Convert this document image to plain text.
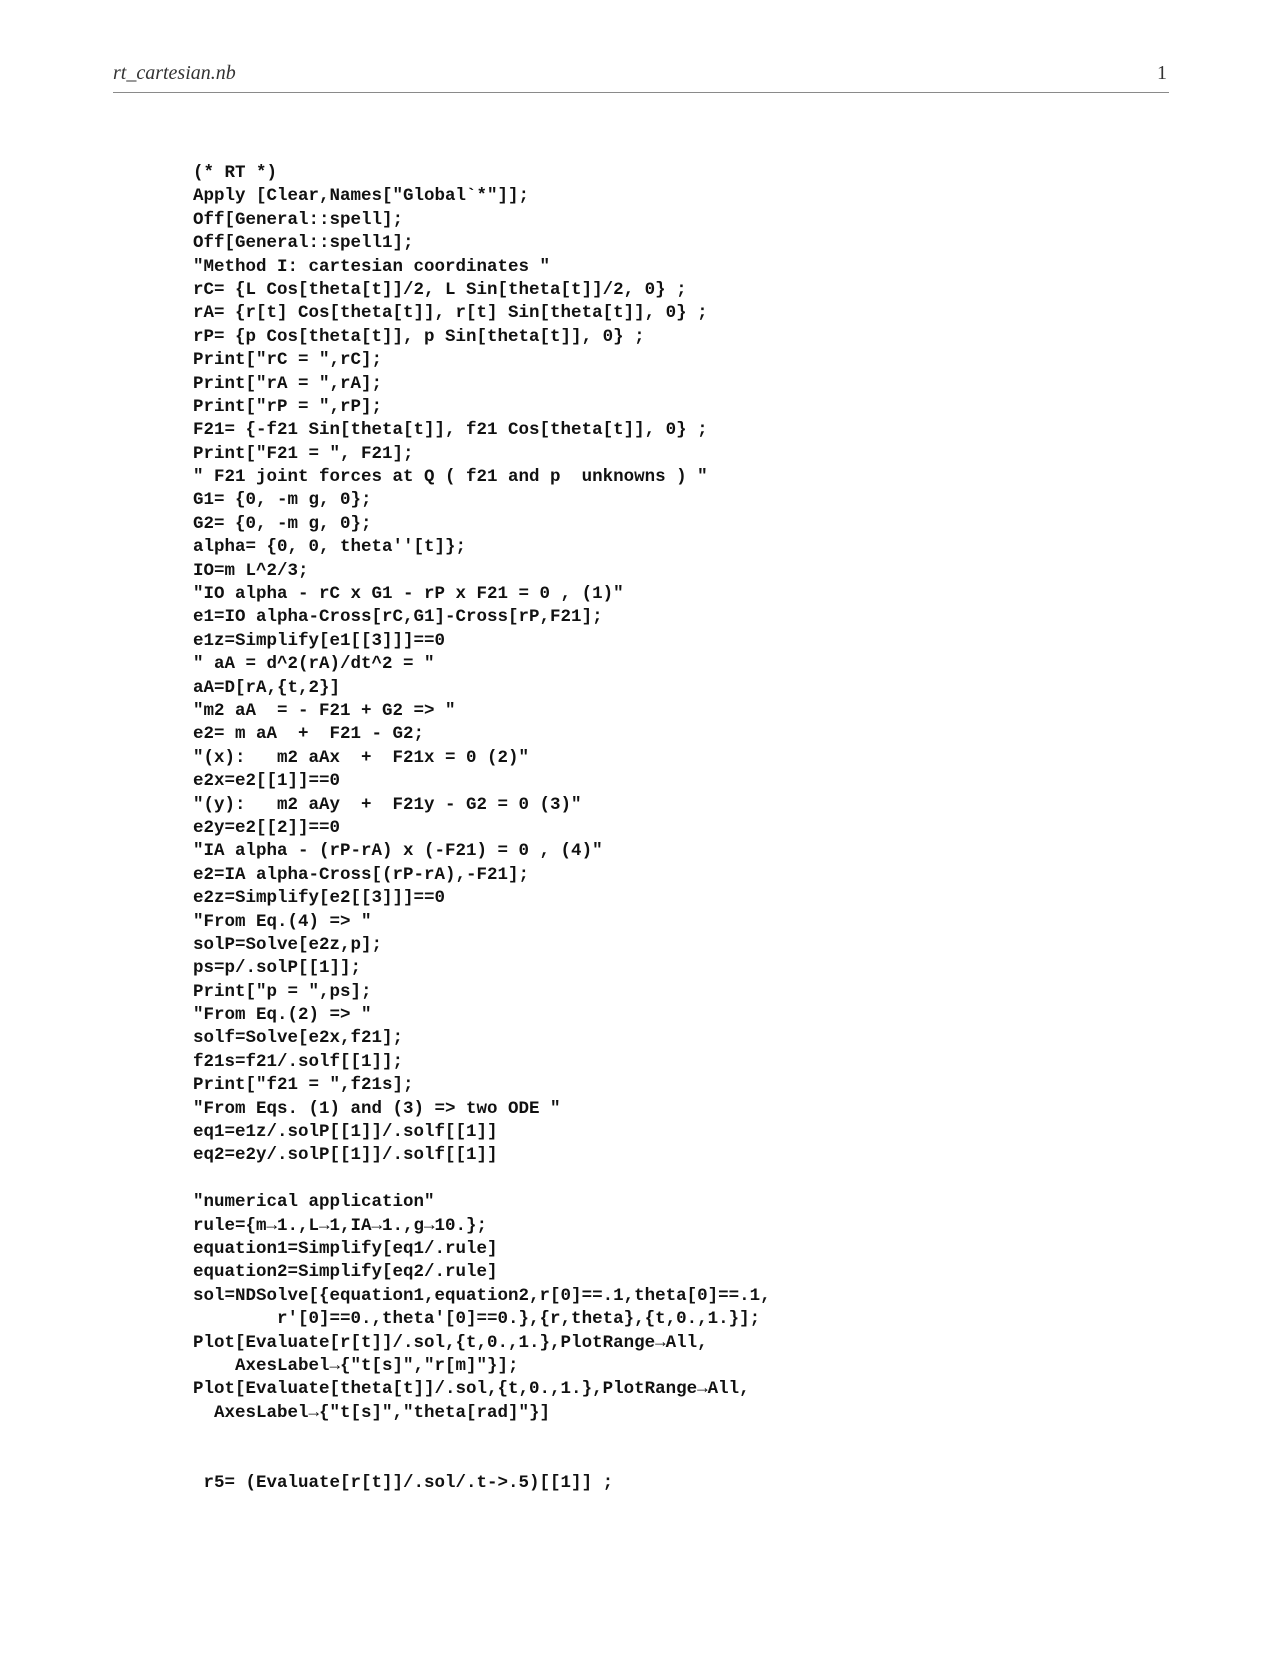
rt_cartesian.nb	1
(* RT *)
Apply [Clear,Names["Global`*"]];
Off[General::spell];
Off[General::spell1];
"Method I: cartesian coordinates "
rC= {L Cos[theta[t]]/2, L Sin[theta[t]]/2, 0} ;
rA= {r[t] Cos[theta[t]], r[t] Sin[theta[t]], 0} ;
rP= {p Cos[theta[t]], p Sin[theta[t]], 0} ;
Print["rC = ",rC];
Print["rA = ",rA];
Print["rP = ",rP];
F21= {-f21 Sin[theta[t]], f21 Cos[theta[t]], 0} ;
Print["F21 = ", F21];
" F21 joint forces at Q ( f21 and p  unknowns ) "
G1= {0, -m g, 0};
G2= {0, -m g, 0};
alpha= {0, 0, theta''[t]};
IO=m L^2/3;
"IO alpha - rC x G1 - rP x F21 = 0 , (1)"
e1=IO alpha-Cross[rC,G1]-Cross[rP,F21];
e1z=Simplify[e1[[3]]]==0
" aA = d^2(rA)/dt^2 = "
aA=D[rA,{t,2}]
"m2 aA  = - F21 + G2 => "
e2= m aA  +  F21 - G2;
"(x):   m2 aAx  +  F21x = 0 (2)"
e2x=e2[[1]]==0
"(y):   m2 aAy  +  F21y - G2 = 0 (3)"
e2y=e2[[2]]==0
"IA alpha - (rP-rA) x (-F21) = 0 , (4)"
e2=IA alpha-Cross[(rP-rA),-F21];
e2z=Simplify[e2[[3]]]==0
"From Eq.(4) => "
solP=Solve[e2z,p];
ps=p/.solP[[1]];
Print["p = ",ps];
"From Eq.(2) => "
solf=Solve[e2x,f21];
f21s=f21/.solf[[1]];
Print["f21 = ",f21s];
"From Eqs. (1) and (3) => two ODE "
eq1=e1z/.solP[[1]]/.solf[[1]]
eq2=e2y/.solP[[1]]/.solf[[1]]
"numerical application"
rule={m→1.,L→1,IA→1.,g→10.};
equation1=Simplify[eq1/.rule]
equation2=Simplify[eq2/.rule]
sol=NDSolve[{equation1,equation2,r[0]==.1,theta[0]==.1,
r'[0]==0.,theta'[0]==0.},{r,theta},{t,0.,1.}];
Plot[Evaluate[r[t]]/.sol,{t,0.,1.},PlotRange→All,
AxesLabel→{"t[s]","r[m]"}];
Plot[Evaluate[theta[t]]/.sol,{t,0.,1.},PlotRange→All,
AxesLabel→{"t[s]","theta[rad]"}]
r5= (Evaluate[r[t]]/.sol/.t->.5)[[1]] ;
